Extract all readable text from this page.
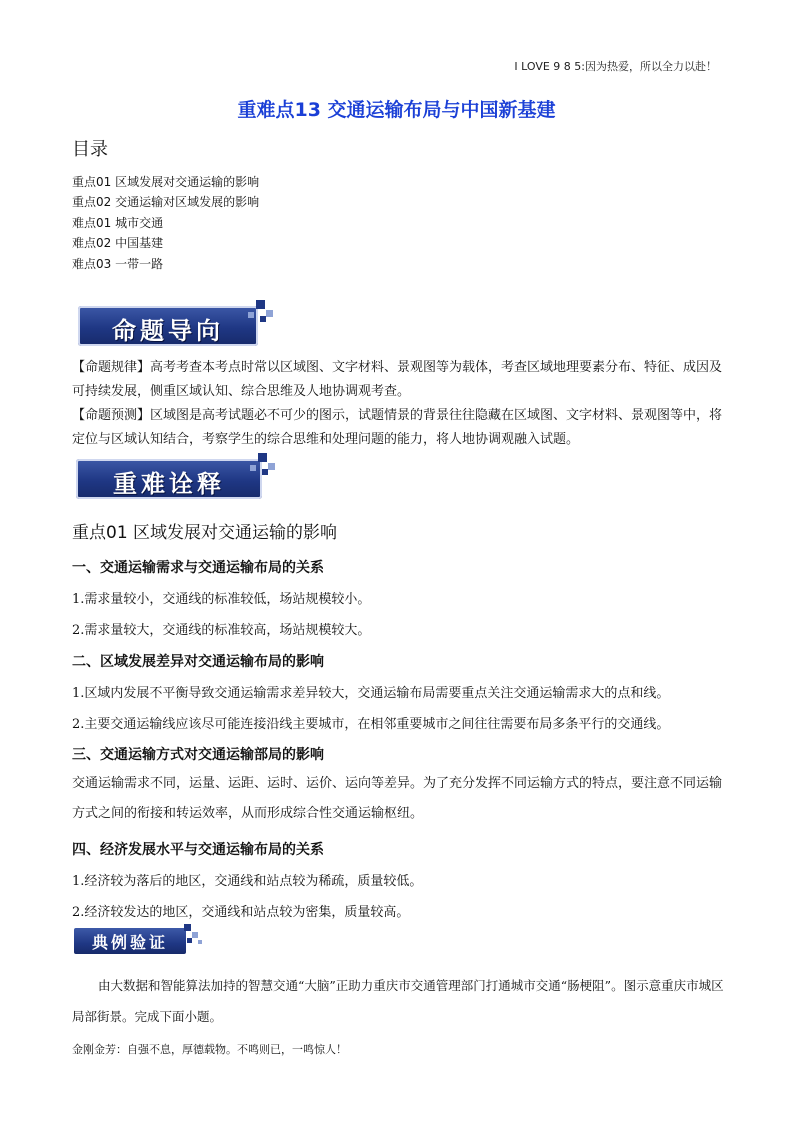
I LOVE 9 8 5:因为热爱，所以全力以赴！
重难点13 交通运输布局与中国新基建
目录
重点01 区域发展对交通运输的影响
重点02 交通运输对区域发展的影响
难点01 城市交通
难点02 中国基建
难点03 一带一路
命题导向

【命题规律】高考考查本考点时常以区域图、文字材料、景观图等为载体，考查区域地理要素分布、特征、成因及可持续发展，侧重区域认知、综合思维及人地协调观考查。

【命题预测】区域图是高考试题必不可少的图示，试题情景的背景往往隐藏在区域图、文字材料、景观图等中，将定位与区域认知结合，考察学生的综合思维和处理问题的能力，将人地协调观融入试题。

重难诠释
重点01 区域发展对交通运输的影响
一、交通运输需求与交通运输布局的关系
1.需求量较小，交通线的标准较低，场站规模较小。
2.需求量较大，交通线的标准较高，场站规模较大。
二、区域发展差异对交通运输布局的影响
1.区域内发展不平衡导致交通运输需求差异较大，交通运输布局需要重点关注交通运输需求大的点和线。
2.主要交通运输线应该尽可能连接沿线主要城市，在相邻重要城市之间往往需要布局多条平行的交通线。
三、交通运输方式对交通运输部局的影响
交通运输需求不同，运量、运距、运时、运价、运向等差异。为了充分发挥不同运输方式的特点，要注意不同运输方式之间的衔接和转运效率，从而形成综合性交通运输枢纽。
四、经济发展水平与交通运输布局的关系
1.经济较为落后的地区，交通线和站点较为稀疏，质量较低。
2.经济较发达的地区，交通线和站点较为密集，质量较高。
典例验证

由大数据和智能算法加持的智慧交通“大脑”正助力重庆市交通管理部门打通城市交通“肠梗阻”。图示意重庆市城区局部街景。完成下面小题。

金刚金芳：自强不息，厚德载物。不鸣则已，一鸣惊人！
